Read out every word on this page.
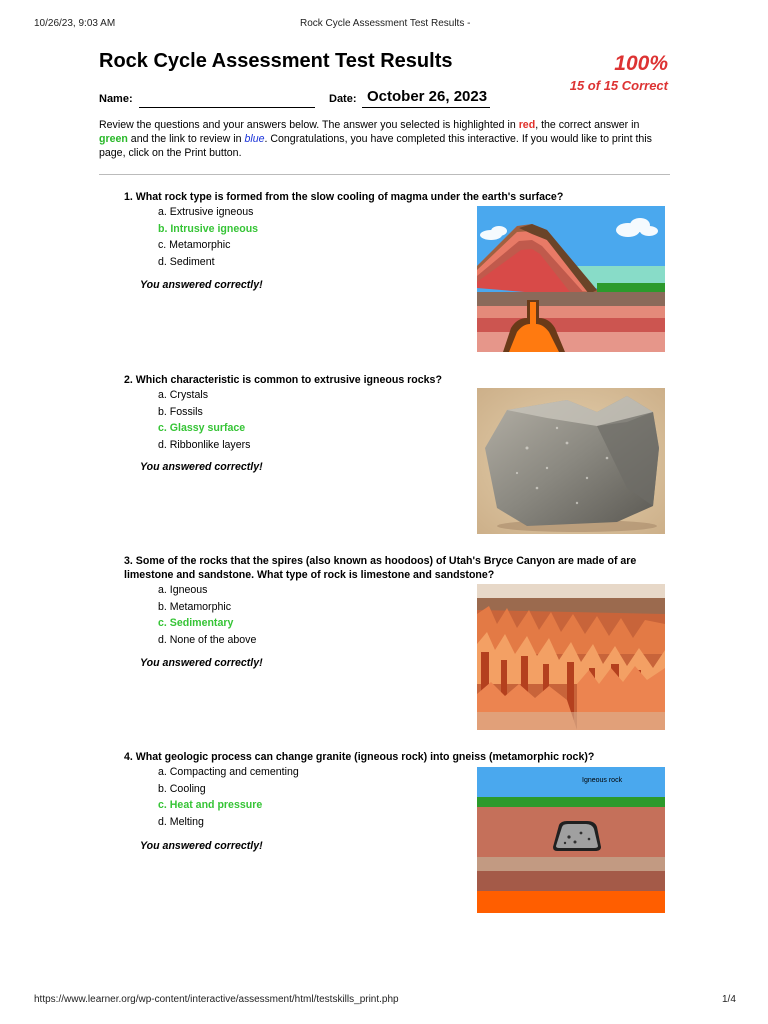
10/26/23, 9:03 AM	Rock Cycle Assessment Test Results -
Rock Cycle Assessment Test Results	100%
15 of 15 Correct
Name:	Date: October 26, 2023
Review the questions and your answers below. The answer you selected is highlighted in red, the correct answer in green and the link to review in blue. Congratulations, you have completed this interactive. If you would like to print this page, click on the Print button.
1. What rock type is formed from the slow cooling of magma under the earth's surface?
a. Extrusive igneous
b. Intrusive igneous
c. Metamorphic
d. Sediment
You answered correctly!
2. Which characteristic is common to extrusive igneous rocks?
a. Crystals
b. Fossils
c. Glassy surface
d. Ribbonlike layers
You answered correctly!
3. Some of the rocks that the spires (also known as hoodoos) of Utah's Bryce Canyon are made of are limestone and sandstone. What type of rock is limestone and sandstone?
a. Igneous
b. Metamorphic
c. Sedimentary
d. None of the above
You answered correctly!
4. What geologic process can change granite (igneous rock) into gneiss (metamorphic rock)?
a. Compacting and cementing
b. Cooling
c. Heat and pressure
d. Melting
You answered correctly!
Igneous rock
https://www.learner.org/wp-content/interactive/assessment/html/testskills_print.php	1/4
